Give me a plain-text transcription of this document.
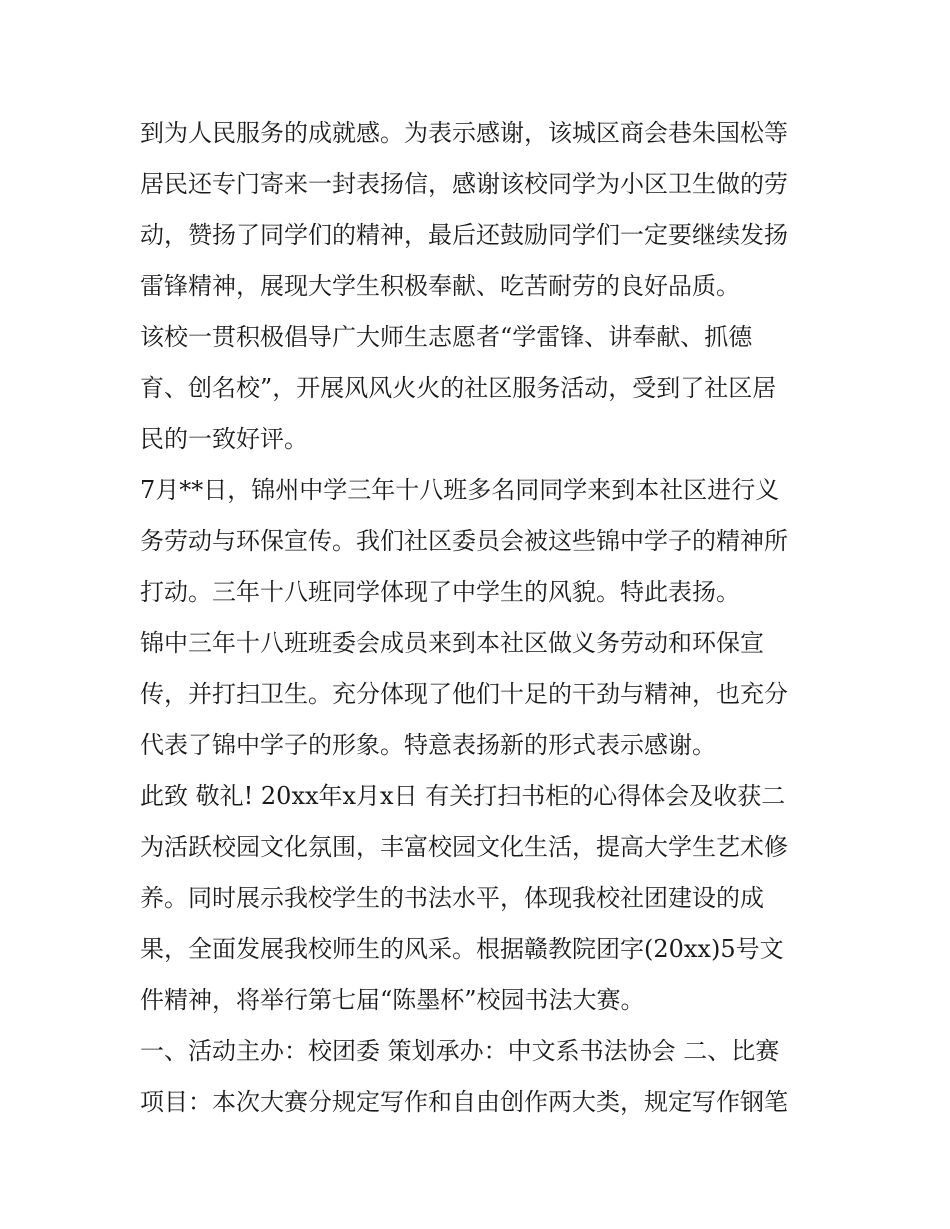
到为人民服务的成就感。为表示感谢，该城区商会巷朱国松等
居民还专门寄来一封表扬信，感谢该校同学为小区卫生做的劳
动，赞扬了同学们的精神，最后还鼓励同学们一定要继续发扬
雷锋精神，展现大学生积极奉献、吃苦耐劳的良好品质。
该校一贯积极倡导广大师生志愿者“学雷锋、讲奉献、抓德
育、创名校”，开展风风火火的社区服务活动，受到了社区居
民的一致好评。
7月**日，锦州中学三年十八班多名同同学来到本社区进行义
务劳动与环保宣传。我们社区委员会被这些锦中学子的精神所
打动。三年十八班同学体现了中学生的风貌。特此表扬。
锦中三年十八班班委会成员来到本社区做义务劳动和环保宣
传，并打扫卫生。充分体现了他们十足的干劲与精神，也充分
代表了锦中学子的形象。特意表扬新的形式表示感谢。
此致 敬礼! 20xx年x月x日 有关打扫书柜的心得体会及收获二
为活跃校园文化氛围，丰富校园文化生活，提高大学生艺术修
养。同时展示我校学生的书法水平，体现我校社团建设的成
果，全面发展我校师生的风采。根据赣教院团字(20xx)5号文
件精神，将举行第七届“陈墨杯”校园书法大赛。
一、活动主办：校团委 策划承办：中文系书法协会 二、比赛
项目：本次大赛分规定写作和自由创作两大类，规定写作钢笔
